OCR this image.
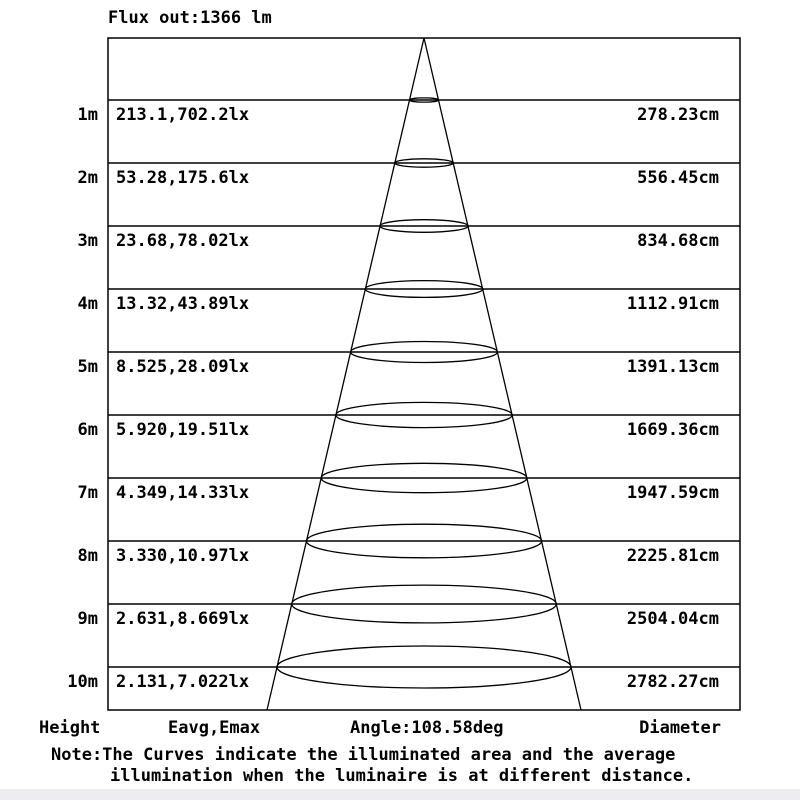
Flux out:1366 lm
1m 213.1,702.2lx	278.23cm
2m 53.28,175.6lx	556.45cm
3m 23.68,78.02lx	834.68cm
4m 13.32,43.89lx	1112.91cm
5m 8.525,28.09lx	1391.13cm
6m 5.920,19.51lx	1669.36cm
7m 4.349,14.33lx	1947.59cm
8m 3.330,10.97lx	2225.81cm
9m 2.631,8.669lx	2504.04cm
10m 2.131,7.022lx	2782.27cm
Height	Eavg,Emax	Angle:108.58deg	Diameter
Note:The Curves indicate the illuminated area and the average
illumination when the luminaire is at different distance.
